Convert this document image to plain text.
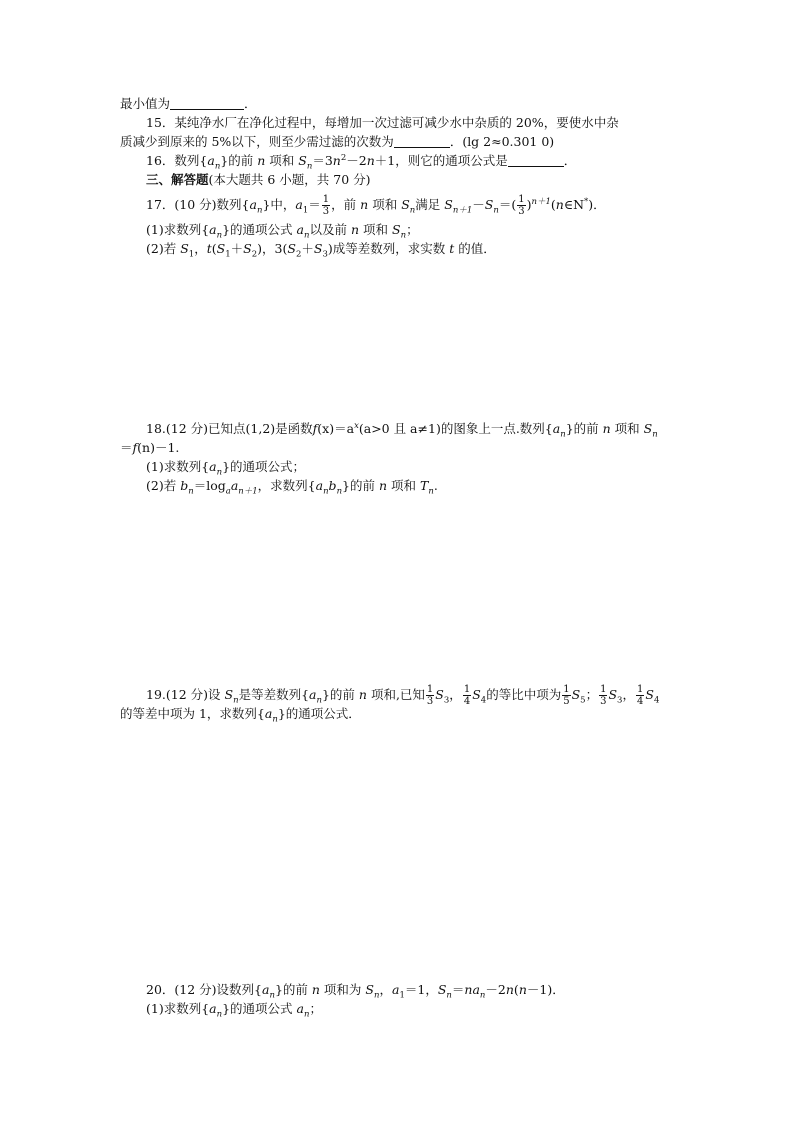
最小值为	．
15．某纯净水厂在净化过程中，每增加一次过滤可减少水中杂质的 20%，要使水中杂
质减少到原来的 5%以下，则至少需过滤的次数为	．(lg 2≈0.301 0)
16．数列$\{a_n\}$的前 n 项和 $S_n=3n^2-2n+1$，则它的通项公式是	．
三、解答题(本大题共 6 小题，共 70 分)
17．(10 分)数列$\{a_n\}$中，$a_1= \frac{1}{3}$ ，前 n 项和 $S_n$满足 $S_{n+1}-S_n=( \frac{1}{3}$ )$^{n+1}(n\in N^*)$．
(1)求数列$\{a_n\}$的通项公式 $a_n$以及前 n 项和 $S_n$；
(2)若 $S_1$，$t(S_1+S_2)$，$3(S_2+S_3)$成等差数列，求实数 t 的值．
18.(12 分)已知点(1,2)是函数$f(x)=a^x(a>0$ 且 a≠1)的图象上一点.数列$\{a_n\}$的前 n 项和 $S_n$
＝f(n)－1.
(1)求数列$\{a_n\}$的通项公式；
(2)若 $b_n=\log_aa_{n+1}$，求数列$\{a_nb_n\}$的前 n 项和 $T_n$.
19.(12 分)设 $S_n$是等差数列$\{a_n\}$的前 n 项和,已知 $\frac{1}{3} S_3$， $\frac{1}{4} S_4$的等比中项为 $\frac{1}{5} S_5$； $\frac{1}{3} S_3$， $\frac{1}{4} S_4$
的等差中项为 1，求数列$\{a_n\}$的通项公式．
20．(12 分)设数列$\{a_n\}$的前 n 项和为 $S_n$，$a_1=1$，$S_n=na_n-2n(n-1)$．
(1)求数列$\{a_n\}$的通项公式 $a_n$；
